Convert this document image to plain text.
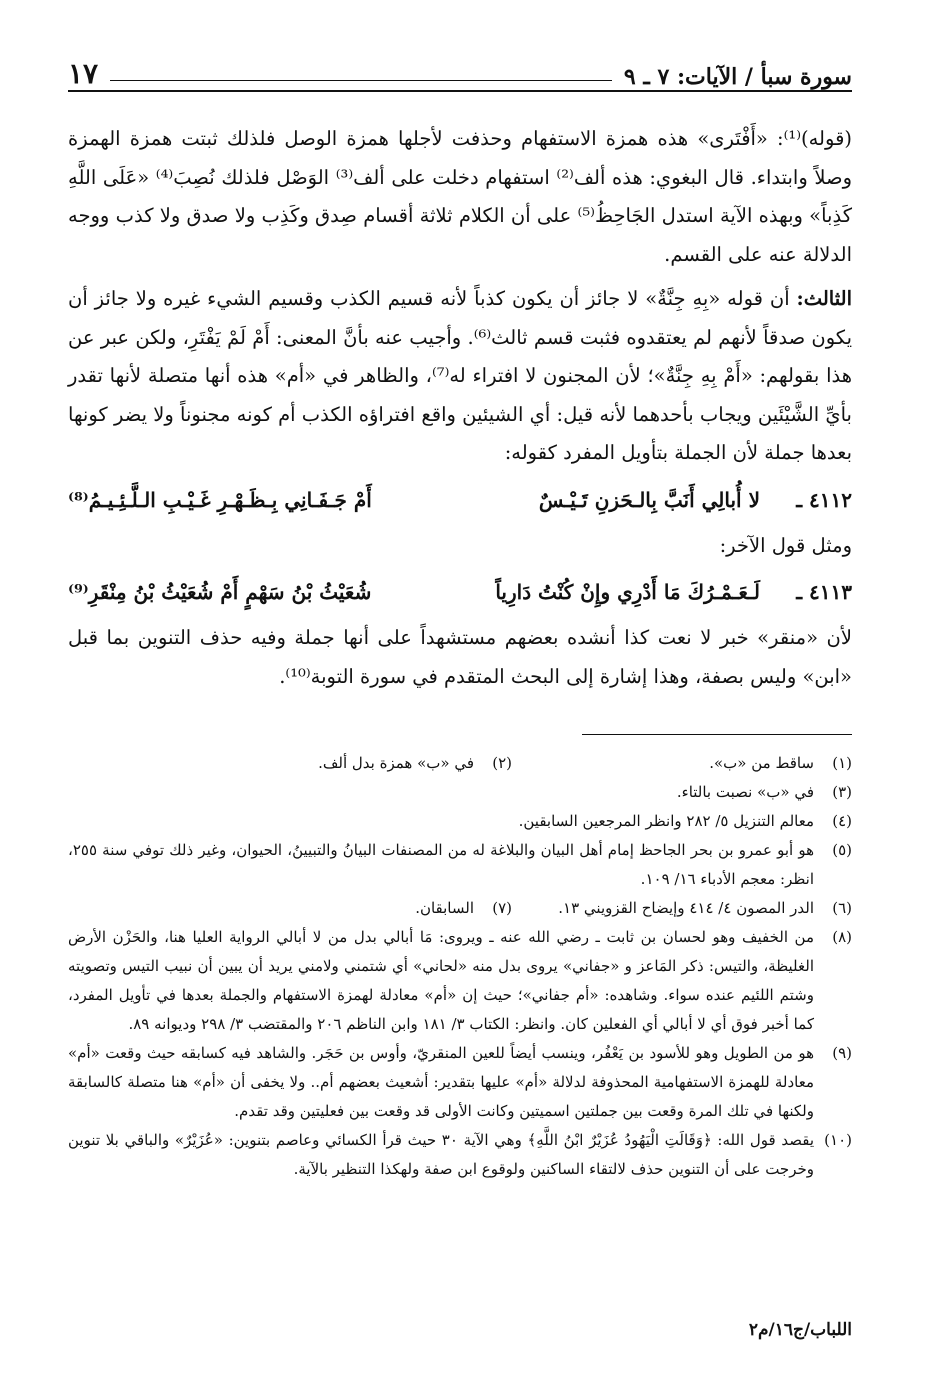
سورة سبأ / الآيات: ٧ ـ ٩
١٧

(قوله)⁽¹⁾: «أَفْتَرى» هذه همزة الاستفهام وحذفت لأجلها همزة الوصل فلذلك ثبتت همزة الهمزة وصلاً وابتداء. قال البغوي: هذه ألف⁽²⁾ استفهام دخلت على ألف⁽³⁾ الوَصْل فلذلك نُصِبَ⁽⁴⁾ «عَلَى اللَّهِ كَذِباً» وبهذه الآية استدل الجَاحِظُ⁽⁵⁾ على أن الكلام ثلاثة أقسام صِدق وكَذِب ولا صدق ولا كذب ووجه الدلالة عنه على القسم.

الثالث: أن قوله «بِهِ جِنَّةٌ» لا جائز أن يكون كذباً لأنه قسيم الكذب وقسيم الشيء غيره ولا جائز أن يكون صدقاً لأنهم لم يعتقدوه فثبت قسم ثالث⁽⁶⁾. وأجيب عنه بأنَّ المعنى: أَمْ لَمْ يَفْتَرِ، ولكن عبر عن هذا بقولهم: «أَمْ بِهِ جِنَّةٌ»؛ لأن المجنون لا افتراء له⁽⁷⁾، والظاهر في «أم» هذه أنها متصلة لأنها تقدر بأيِّ الشَّيْئَين ويجاب بأحدهما لأنه قيل: أي الشيئين واقع افتراؤه الكذب أم كونه مجنوناً ولا يضر كونها بعدها جملة لأن الجملة بتأويل المفرد كقوله:

٤١١٢ ـ
لا أُبالِي أَنَبَّ بِالـحَزنِ تَـيْـسٌ
أَمْ جَـفَـانِي بِـظَـهْـرِ غَـيْـبِ الـلَّـئِـيـمُ⁽⁸⁾

ومثل قول الآخر:

٤١١٣ ـ
لَـعَـمْـرُكَ مَا أَدْرِي وإِنْ كُنْتُ دَارِياً
شُعَيْثُ بْنُ سَهْمٍ أَمْ شُعَيْثُ بْنُ مِنْقَرِ⁽⁹⁾

لأن «منقر» خبر لا نعت كذا أنشده بعضهم مستشهداً على أنها جملة وفيه حذف التنوين بما قبل «ابن» وليس بصفة، وهذا إشارة إلى البحث المتقدم في سورة التوبة⁽¹⁰⁾.

(١)
ساقط من «ب».
(٢)
في «ب» همزة بدل ألف.
(٣)
في «ب» نصبت بالتاء.
(٤)
معالم التنزيل ٥/ ٢٨٢ وانظر المرجعين السابقين.
(٥)
هو أبو عمرو بن بحر الجاحظ إمام أهل البيان والبلاغة له من المصنفات البيانُ والتبيينُ، الحيوان، وغير ذلك توفي سنة ٢٥٥، انظر: معجم الأدباء ١٦/ ١٠٩.
(٦)
الدر المصون ٤/ ٤١٤ وإيضاح القزويني ١٣.
(٧)
السابقان.
(٨)
من الخفيف وهو لحسان بن ثابت ـ رضي الله عنه ـ ويروى: مَا أبالي بدل من لا أبالي الرواية العليا هنا، والحَزْن الأرض الغليظة، والتيس: ذكر المَاعز و «جفاني» يروى بدل منه «لحاني» أي شتمني ولامني يريد أن يبين أن نبيب التيس وتصويته وشتم اللئيم عنده سواء. وشاهده: «أم جفاني»؛ حيث إن «أم» معادلة لهمزة الاستفهام والجملة بعدها في تأويل المفرد، كما أخبر فوق أي لا أبالي أي الفعلين كان. وانظر: الكتاب ٣/ ١٨١ وابن الناظم ٢٠٦ والمقتضب ٣/ ٢٩٨ وديوانه ٨٩.
(٩)
هو من الطويل وهو للأسود بن يَعْفُر، وينسب أيضاً للعين المنقريّ، وأوس بن حَجَر. والشاهد فيه كسابقه حيث وقعت «أم» معادلة للهمزة الاستفهامية المحذوفة لدلالة «أم» عليها بتقدير: أشعيث بعضهم أم.. ولا يخفى أن «أم» هنا متصلة كالسابقة ولكنها في تلك المرة وقعت بين جملتين اسميتين وكانت الأولى قد وقعت بين فعليتين وقد تقدم.
(١٠)
يقصد قول الله: ﴿وَقَالَتِ الْيَهُودُ عُزَيْرٌ ابْنُ اللَّهِ﴾ وهي الآية ٣٠ حيث قرأ الكسائي وعاصم بتنوين: «عُزَيْرٌ» والباقي بلا تنوين وخرجت على أن التنوين حذف لالتقاء الساكنين ولوقوع ابن صفة ولهكذا التنظير بالآية.
اللباب/ج١٦/م٢
